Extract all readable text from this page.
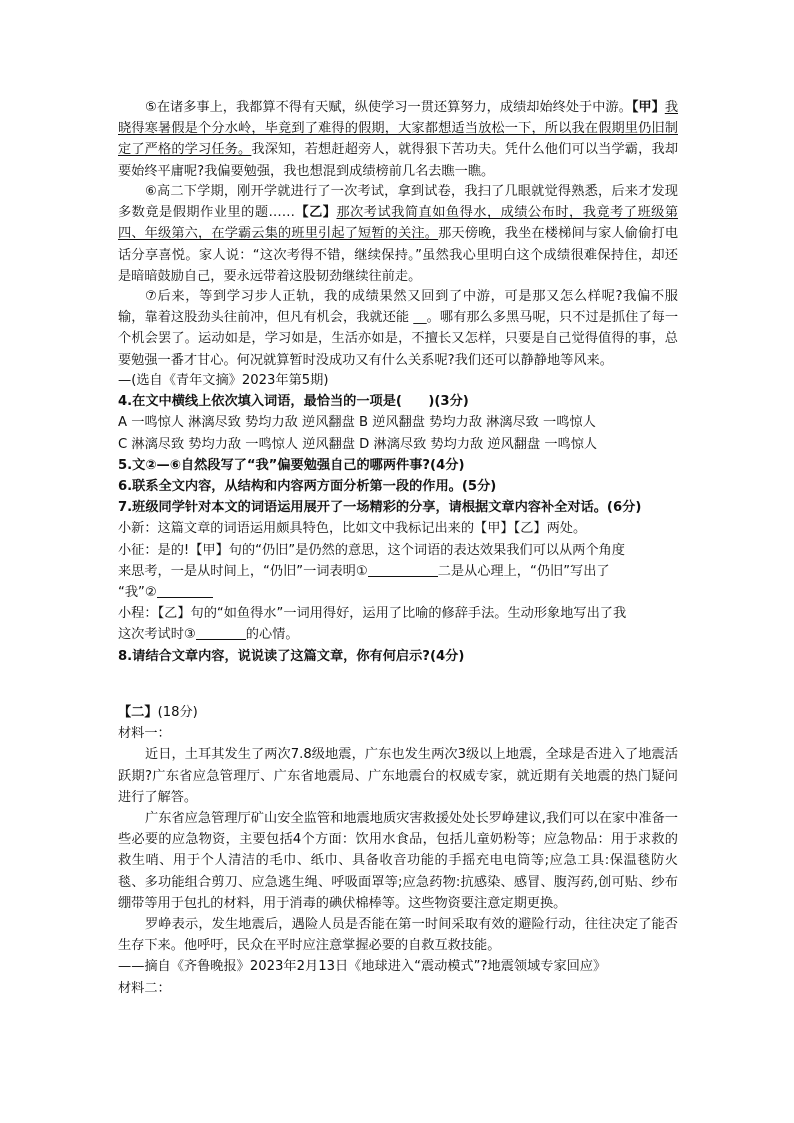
⑤在诸多事上，我都算不得有天赋，纵使学习一贯还算努力，成绩却始终处于中游。【甲】我晓得寒暑假是个分水岭，毕竟到了难得的假期，大家都想适当放松一下，所以我在假期里仍旧制定了严格的学习任务。我深知，若想赶超旁人，就得狠下苦功夫。凭什么他们可以当学霸，我却要始终平庸呢?我偏要勉强，我也想混到成绩榜前几名去瞧一瞧。

⑥高二下学期，刚开学就进行了一次考试，拿到试卷，我扫了几眼就觉得熟悉，后来才发现多数竟是假期作业里的题……【乙】那次考试我简直如鱼得水，成绩公布时，我竟考了班级第四、年级第六，在学霸云集的班里引起了短暂的关注。那天傍晚，我坐在楼梯间与家人偷偷打电话分享喜悦。家人说：“这次考得不错，继续保持。”虽然我心里明白这个成绩很难保持住，却还是暗暗鼓励自己，要永远带着这股韧劲继续往前走。

⑦后来，等到学习步人正轨，我的成绩果然又回到了中游，可是那又怎么样呢?我偏不服输，靠着这股劲头往前冲，但凡有机会，我就还能 __。哪有那么多黑马呢，只不过是抓住了每一个机会罢了。运动如是，学习如是，生活亦如是，不擅长又怎样，只要是自己觉得值得的事，总要勉强一番才甘心。何况就算暂时没成功又有什么关系呢?我们还可以静静地等风来。

—(选自《青年文摘》2023年第5期)

4.在文中横线上依次填入词语，最恰当的一项是(　　)(3分)

A 一鸣惊人 淋漓尽致 势均力敌 逆风翻盘 B 逆风翻盘 势均力敌 淋漓尽致 一鸣惊人

C 淋漓尽致 势均力敌 一鸣惊人 逆风翻盘 D 淋漓尽致 势均力敌 逆风翻盘 一鸣惊人

5.文②—⑥自然段写了“我”偏要勉强自己的哪两件事?(4分)

6.联系全文内容，从结构和内容两方面分析第一段的作用。(5分)

7.班级同学针对本文的词语运用展开了一场精彩的分享，请根据文章内容补全对话。(6分)

小新：这篇文章的词语运用颇具特色，比如文中我标记出来的【甲】【乙】两处。

小征：是的!【甲】句的“仍旧”是仍然的意思，这个词语的表达效果我们可以从两个角度

来思考，一是从时间上，“仍旧”一词表明①	二是从心理上，“仍旧”写出了

“我”②

小程：【乙】句的“如鱼得水”一词用得好，运用了比喻的修辞手法。生动形象地写出了我

这次考试时③	的心情。

8.请结合文章内容，说说读了这篇文章，你有何启示?(4分)

【二】(18分)

材料一：

近日，土耳其发生了两次7.8级地震，广东也发生两次3级以上地震，全球是否进入了地震活跃期?广东省应急管理厅、广东省地震局、广东地震台的权威专家，就近期有关地震的热门疑问进行了解答。

广东省应急管理厅矿山安全监管和地震地质灾害救援处处长罗峥建议,我们可以在家中准备一些必要的应急物资，主要包括4个方面：饮用水食品，包括儿童奶粉等；应急物品：用于求救的救生哨、用于个人清洁的毛巾、纸巾、具备收音功能的手摇充电电筒等;应急工具:保温毯防火毯、多功能组合剪刀、应急逃生绳、呼吸面罩等;应急药物:抗感染、感冒、腹泻药,创可贴、纱布绷带等用于包扎的材料，用于消毒的碘伏棉棒等。这些物资要注意定期更换。

罗峥表示，发生地震后，遇险人员是否能在第一时间采取有效的避险行动，往往决定了能否生存下来。他呼吁，民众在平时应注意掌握必要的自救互救技能。

——摘自《齐鲁晚报》2023年2月13日《地球进入“震动模式”?地震领域专家回应》

材料二：
